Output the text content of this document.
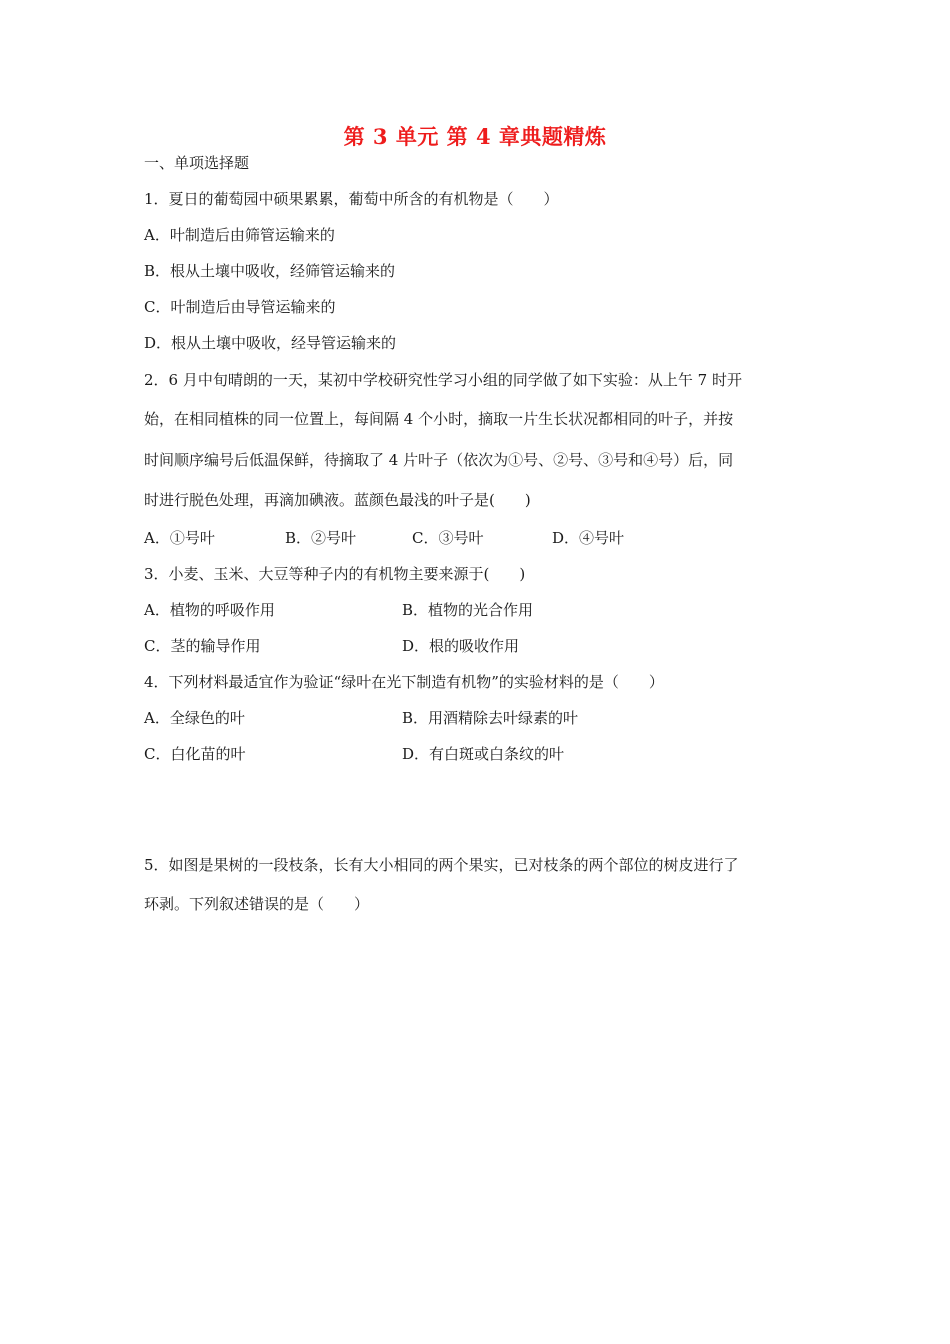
第 3 单元 第 4 章典题精炼
一、单项选择题
1．夏日的葡萄园中硕果累累，葡萄中所含的有机物是（　　）
A．叶制造后由筛管运输来的
B．根从土壤中吸收，经筛管运输来的
C．叶制造后由导管运输来的
D．根从土壤中吸收，经导管运输来的
2．6 月中旬晴朗的一天，某初中学校研究性学习小组的同学做了如下实验：从上午 7 时开
始，在相同植株的同一位置上，每间隔 4 个小时，摘取一片生长状况都相同的叶子，并按
时间顺序编号后低温保鲜，待摘取了 4 片叶子（依次为①号、②号、③号和④号）后，同
时进行脱色处理，再滴加碘液。蓝颜色最浅的叶子是(　　)
A．①号叶	B．②号叶	C．③号叶	D．④号叶
3．小麦、玉米、大豆等种子内的有机物主要来源于(　　)
A．植物的呼吸作用	B．植物的光合作用
C．茎的输导作用	D．根的吸收作用
4．下列材料最适宜作为验证“绿叶在光下制造有机物”的实验材料的是（　　）
A．全绿色的叶	B．用酒精除去叶绿素的叶
C．白化苗的叶	D．有白斑或白条纹的叶
5．如图是果树的一段枝条，长有大小相同的两个果实，已对枝条的两个部位的树皮进行了
环剥。下列叙述错误的是（　　）
